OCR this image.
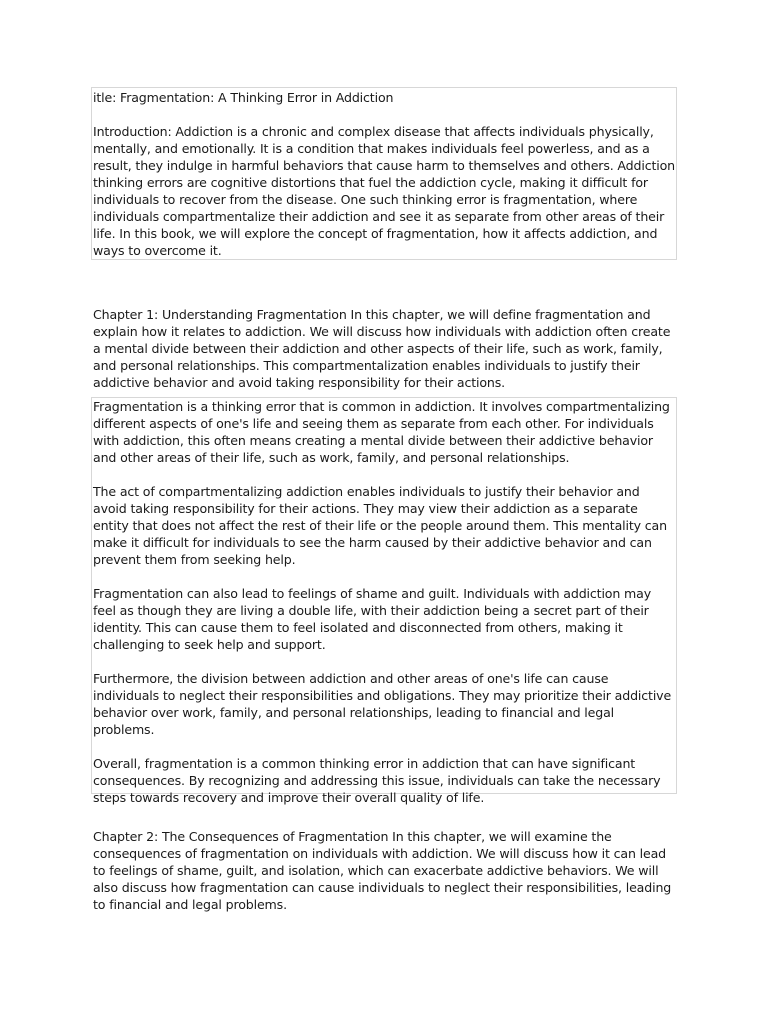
itle: Fragmentation: A Thinking Error in Addiction

Introduction: Addiction is a chronic and complex disease that affects individuals physically, mentally, and emotionally. It is a condition that makes individuals feel powerless, and as a result, they indulge in harmful behaviors that cause harm to themselves and others. Addiction thinking errors are cognitive distortions that fuel the addiction cycle, making it difficult for individuals to recover from the disease. One such thinking error is fragmentation, where individuals compartmentalize their addiction and see it as separate from other areas of their life. In this book, we will explore the concept of fragmentation, how it affects addiction, and ways to overcome it.

Chapter 1: Understanding Fragmentation In this chapter, we will define fragmentation and explain how it relates to addiction. We will discuss how individuals with addiction often create a mental divide between their addiction and other aspects of their life, such as work, family, and personal relationships. This compartmentalization enables individuals to justify their addictive behavior and avoid taking responsibility for their actions.

Fragmentation is a thinking error that is common in addiction. It involves compartmentalizing different aspects of one's life and seeing them as separate from each other. For individuals with addiction, this often means creating a mental divide between their addictive behavior and other areas of their life, such as work, family, and personal relationships.

The act of compartmentalizing addiction enables individuals to justify their behavior and avoid taking responsibility for their actions. They may view their addiction as a separate entity that does not affect the rest of their life or the people around them. This mentality can make it difficult for individuals to see the harm caused by their addictive behavior and can prevent them from seeking help.

Fragmentation can also lead to feelings of shame and guilt. Individuals with addiction may feel as though they are living a double life, with their addiction being a secret part of their identity. This can cause them to feel isolated and disconnected from others, making it challenging to seek help and support.

Furthermore, the division between addiction and other areas of one's life can cause individuals to neglect their responsibilities and obligations. They may prioritize their addictive behavior over work, family, and personal relationships, leading to financial and legal problems.

Overall, fragmentation is a common thinking error in addiction that can have significant consequences. By recognizing and addressing this issue, individuals can take the necessary steps towards recovery and improve their overall quality of life.

Chapter 2: The Consequences of Fragmentation In this chapter, we will examine the consequences of fragmentation on individuals with addiction. We will discuss how it can lead to feelings of shame, guilt, and isolation, which can exacerbate addictive behaviors. We will also discuss how fragmentation can cause individuals to neglect their responsibilities, leading to financial and legal problems.
